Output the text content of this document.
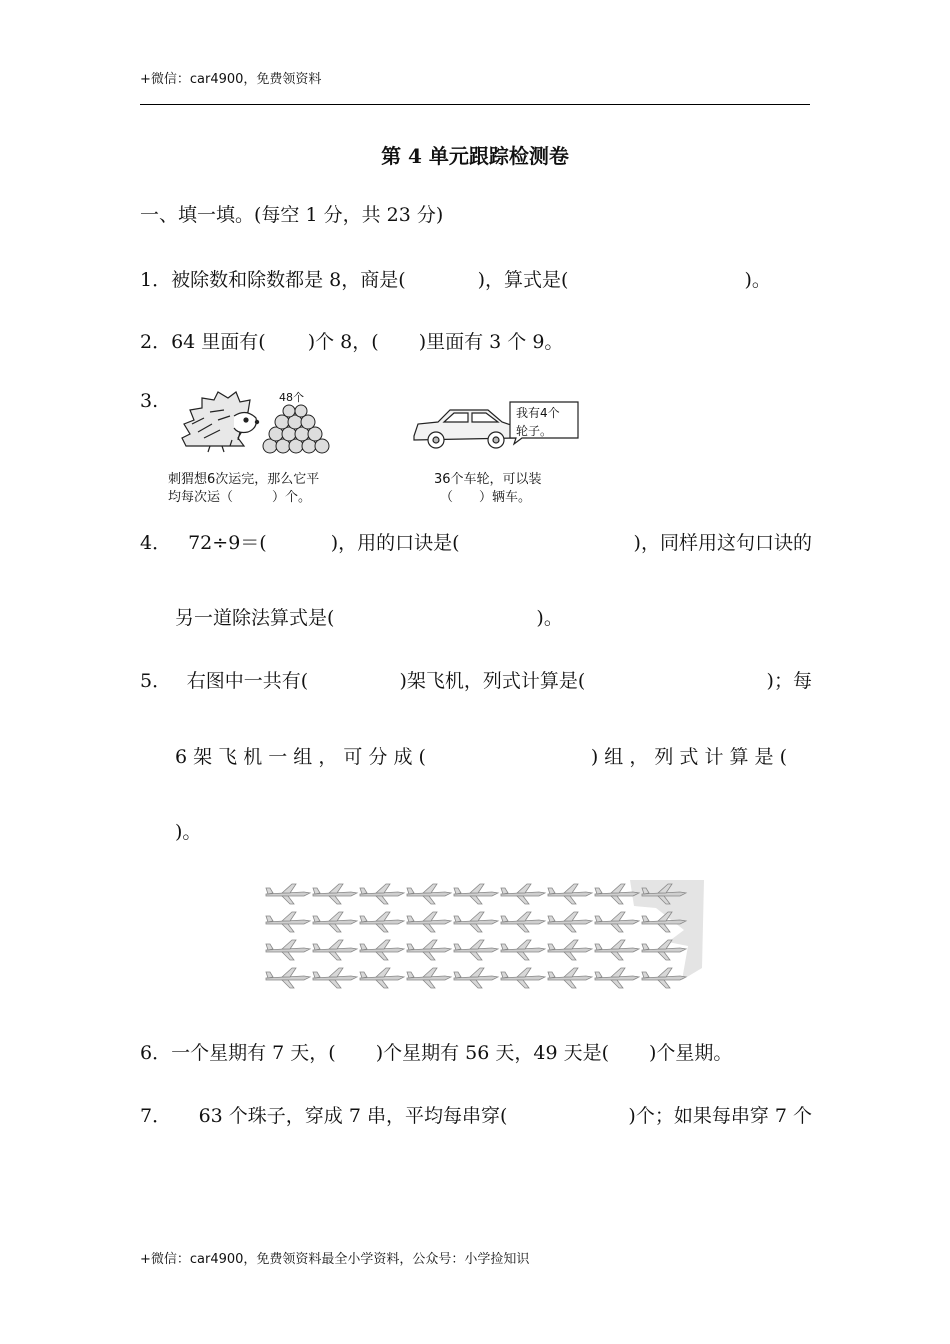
+微信：car4900，免费领资料
第 4 单元跟踪检测卷
一、填一填。(每空 1 分，共 23 分)
1．被除数和除数都是 8，商是(	)，算式是(	)。
2．64 里面有( )个 8，( )里面有 3 个 9。
3.	48个
刺猬想6次运完，那么它平
均每次运（　　　）个。
我有4个
轮子。
36个车轮，可以装
（　　）辆车。
4． 72÷9＝(	)，用的口诀是(	)，同样用这句口诀的
另一道除法算式是(	)。
5． 右图中一共有(	)架飞机，列式计算是(	)；每
6 架 飞 机 一 组 ， 可 分 成 (	) 组 ， 列 式 计 算 是 (
)。
6．一个星期有 7 天，( )个星期有 56 天，49 天是( )个星期。
7． 63 个珠子，穿成 7 串，平均每串穿(	)个；如果每串穿 7 个
+微信：car4900，免费领资料最全小学资料，公众号：小学捡知识
